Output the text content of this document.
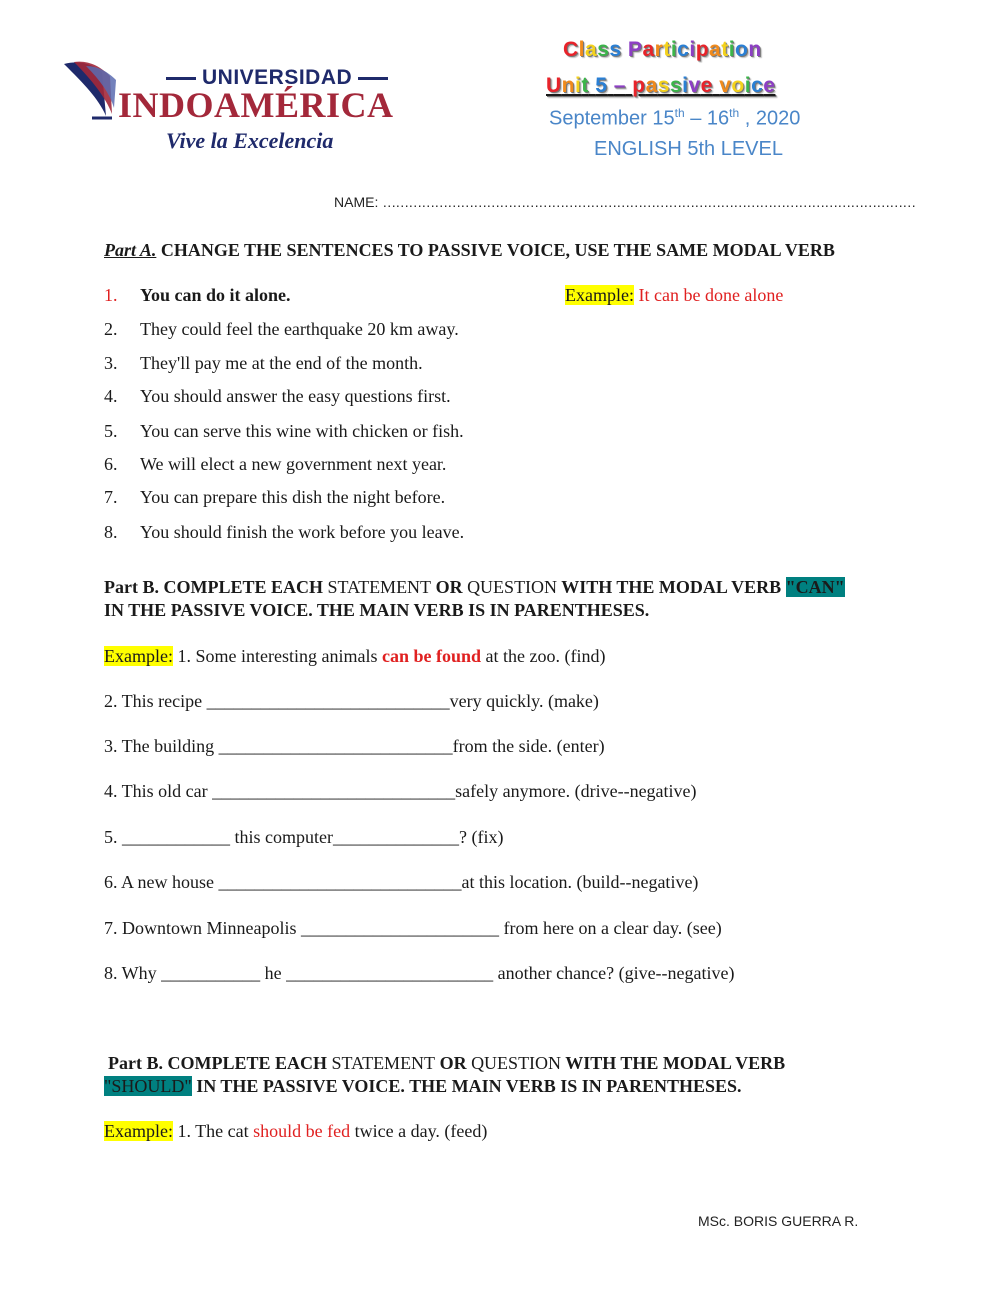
UNIVERSIDAD
INDOAMÉRICA
Vive la Excelencia
Class Participation
Unit 5 – passive voice
September 15th – 16th , 2020
ENGLISH 5th LEVEL
NAME: ……………………………………………………………………………………………………………
Part A. CHANGE THE SENTENCES TO PASSIVE VOICE, USE THE SAME MODAL VERB
1. You can do it alone.	Example: It can be done alone
2. They could feel the earthquake 20 km away.
3. They'll pay me at the end of the month.
4. You should answer the easy questions first.
5. You can serve this wine with chicken or fish.
6. We will elect a new government next year.
7. You can prepare this dish the night before.
8. You should finish the work before you leave.
Part B. COMPLETE EACH STATEMENT OR QUESTION WITH THE MODAL VERB "CAN"
IN THE PASSIVE VOICE. THE MAIN VERB IS IN PARENTHESES.
Example: 1. Some interesting animals can be found at the zoo. (find)
2. This recipe ___________________________very quickly. (make)
3. The building __________________________from the side. (enter)
4. This old car ___________________________safely anymore. (drive--negative)
5. ____________ this computer______________? (fix)
6. A new house ___________________________at this location. (build--negative)
7. Downtown Minneapolis ______________________ from here on a clear day. (see)
8. Why ___________ he _______________________ another chance? (give--negative)
Part B. COMPLETE EACH STATEMENT OR QUESTION WITH THE MODAL VERB
"SHOULD" IN THE PASSIVE VOICE. THE MAIN VERB IS IN PARENTHESES.
Example: 1. The cat should be fed twice a day. (feed)
MSc. BORIS GUERRA R.
